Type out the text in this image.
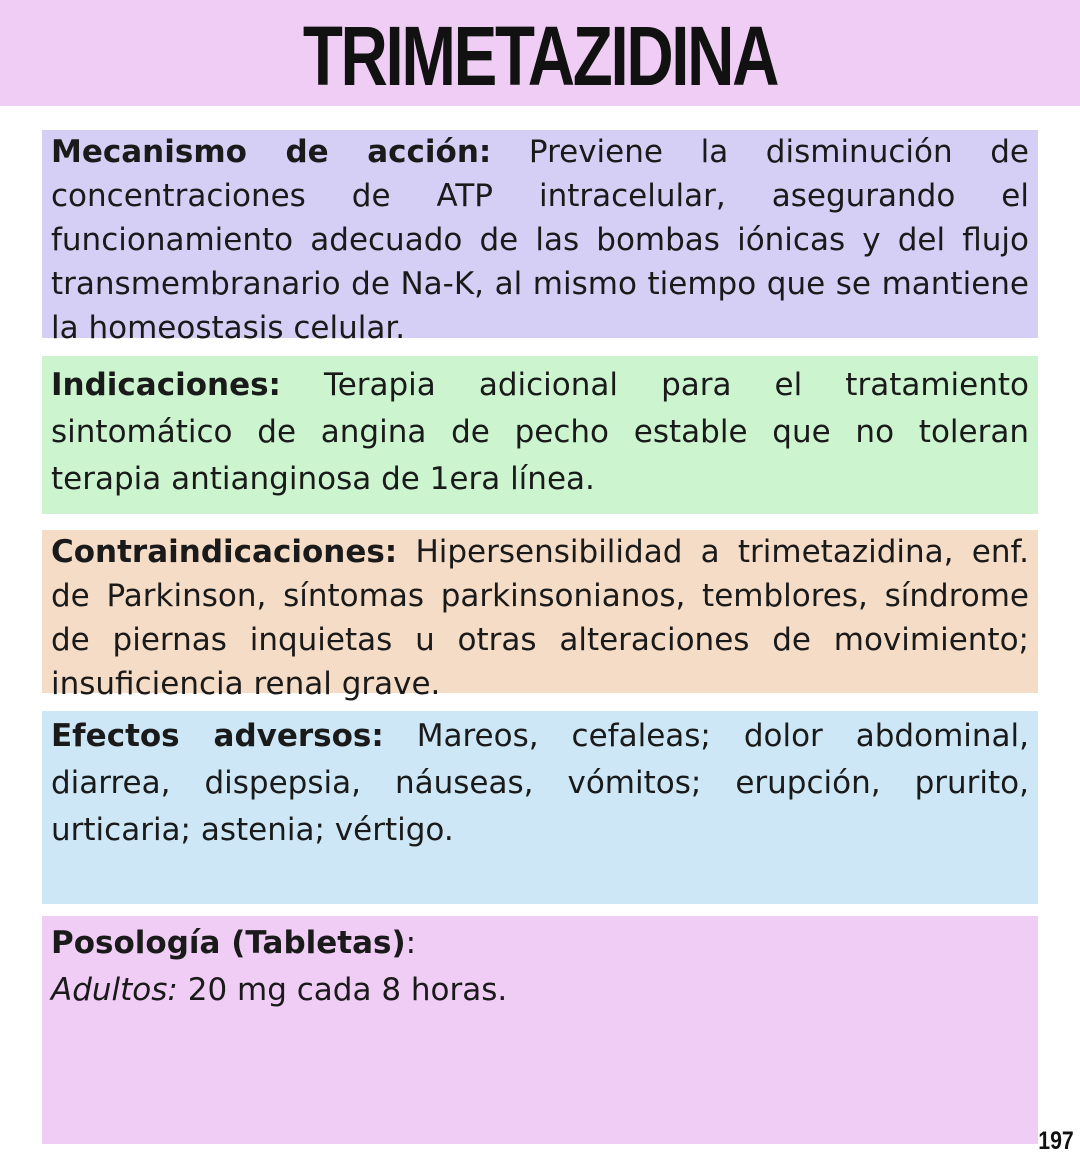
TRIMETAZIDINA

Mecanismo de acción: Previene la disminución de concentraciones de ATP intracelular, asegurando el funcionamiento adecuado de las bombas iónicas y del flujo transmembranario de Na-K, al mismo tiempo que se mantiene la homeostasis celular.

Indicaciones: Terapia adicional para el tratamiento sintomático de angina de pecho estable que no toleran terapia antianginosa de 1era línea.

Contraindicaciones: Hipersensibilidad a trimetazidina, enf. de Parkinson, síntomas parkinsonianos, temblores, síndrome de piernas inquietas u otras alteraciones de movimiento; insuficiencia renal grave.

Efectos adversos: Mareos, cefaleas; dolor abdominal, diarrea, dispepsia, náuseas, vómitos; erupción, prurito, urticaria; astenia; vértigo.

Posología (Tabletas):

Adultos: 20 mg cada 8 horas.

197
